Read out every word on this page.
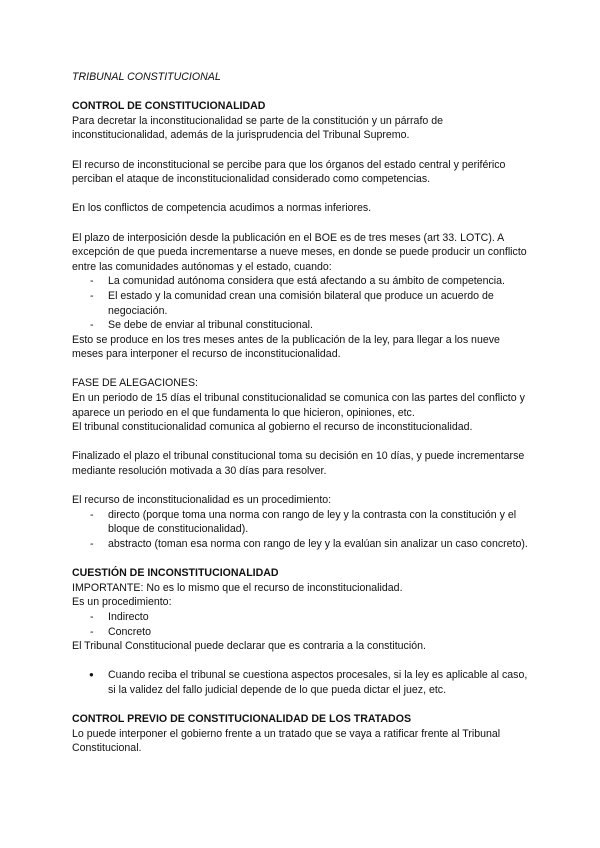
TRIBUNAL CONSTITUCIONAL

CONTROL DE CONSTITUCIONALIDAD

Para decretar la inconstitucionalidad se parte de la constitución y un párrafo de inconstitucionalidad, además de la jurisprudencia del Tribunal Supremo.

El recurso de inconstitucional se percibe para que los órganos del estado central y periférico perciban el ataque de inconstitucionalidad considerado como competencias.

En los conflictos de competencia acudimos a normas inferiores.

El plazo de interposición desde la publicación en el BOE es de tres meses (art 33. LOTC). A excepción de que pueda incrementarse a nueve meses, en donde se puede producir un conflicto entre las comunidades autónomas y el estado, cuando:

- La comunidad autónoma considera que está afectando a su ámbito de competencia.
- El estado y la comunidad crean una comisión bilateral que produce un acuerdo de negociación.
- Se debe de enviar al tribunal constitucional.

Esto se produce en los tres meses antes de la publicación de la ley, para llegar a los nueve meses para interponer el recurso de inconstitucionalidad.

FASE DE ALEGACIONES:

En un periodo de 15 días el tribunal constitucionalidad se comunica con las partes del conflicto y aparece un periodo en el que fundamenta lo que hicieron, opiniones, etc.

El tribunal constitucionalidad comunica al gobierno el recurso de inconstitucionalidad.

Finalizado el plazo el tribunal constitucional toma su decisión en 10 días, y puede incrementarse mediante resolución motivada a 30 días para resolver.

El recurso de inconstitucionalidad es un procedimiento:

- directo (porque toma una norma con rango de ley y la contrasta con la constitución y el bloque de constitucionalidad).
- abstracto (toman esa norma con rango de ley y la evalúan sin analizar un caso concreto).

CUESTIÓN DE INCONSTITUCIONALIDAD

IMPORTANTE: No es lo mismo que el recurso de inconstitucionalidad.

Es un procedimiento:

- Indirecto
- Concreto

El Tribunal Constitucional puede declarar que es contraria a la constitución.

● Cuando reciba el tribunal se cuestiona aspectos procesales, si la ley es aplicable al caso, si la validez del fallo judicial depende de lo que pueda dictar el juez, etc.

CONTROL PREVIO DE CONSTITUCIONALIDAD DE LOS TRATADOS

Lo puede interponer el gobierno frente a un tratado que se vaya a ratificar frente al Tribunal Constitucional.
